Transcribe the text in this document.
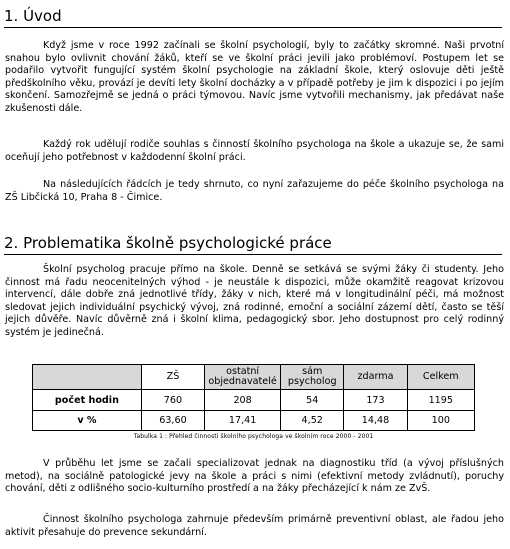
1. Úvod

Když jsme v roce 1992 začínali se školní psychologií, byly to začátky skromné. Naši prvotní snahou bylo ovlivnit chování žáků, kteří se ve školní práci jevili jako problémoví. Postupem let se podařilo vytvořit fungující systém školní psychologie na základní škole, který oslovuje děti ještě předškolního věku, provází je devíti lety školní docházky a v případě potřeby je jim k dispozici i po jejím skončení. Samozřejmě se jedná o práci týmovou. Navíc jsme vytvořili mechanismy, jak předávat naše zkušenosti dále.

Každý rok udělují rodiče souhlas s činností školního psychologa na škole a ukazuje se, že sami oceňují jeho potřebnost v každodenní školní práci.

Na následujících řádcích je tedy shrnuto, co nyní zařazujeme do péče školního psychologa na ZŠ Libčická 10, Praha 8 - Čimice.

2. Problematika školně psychologické práce

Školní psycholog pracuje přímo na škole. Denně se setkává se svými žáky či studenty. Jeho činnost má řadu neocenitelných výhod - je neustále k dispozici, může okamžitě reagovat krizovou intervencí, dále dobře zná jednotlivé třídy, žáky v nich, které má v longitudinální péči, má možnost sledovat jejich individuální psychický vývoj, zná rodinné, emoční a sociální zázemí dětí, často se těší jejich důvěře. Navíc důvěrně zná i školní klima, pedagogický sbor. Jeho dostupnost pro celý rodinný systém je jedinečná.

	ZŠ	ostatní objednavatelé	sám psycholog	zdarma	Celkem
počet hodin	760	208	54	173	1195
v %	63,60	17,41	4,52	14,48	100
Tabulka 1 : Přehled činnosti školního psychologa ve školním roce 2000 - 2001

V průběhu let jsme se začali specializovat jednak na diagnostiku tříd (a vývoj příslušných metod), na sociálně patologické jevy na škole a práci s nimi (efektivní metody zvládnutí), poruchy chování, děti z odlišného socio-kulturního prostředí a na žáky přecházející k nám ze ZvŠ.

Činnost školního psychologa zahrnuje především primárně preventivní oblast, ale řadou jeho aktivit přesahuje do prevence sekundární.
